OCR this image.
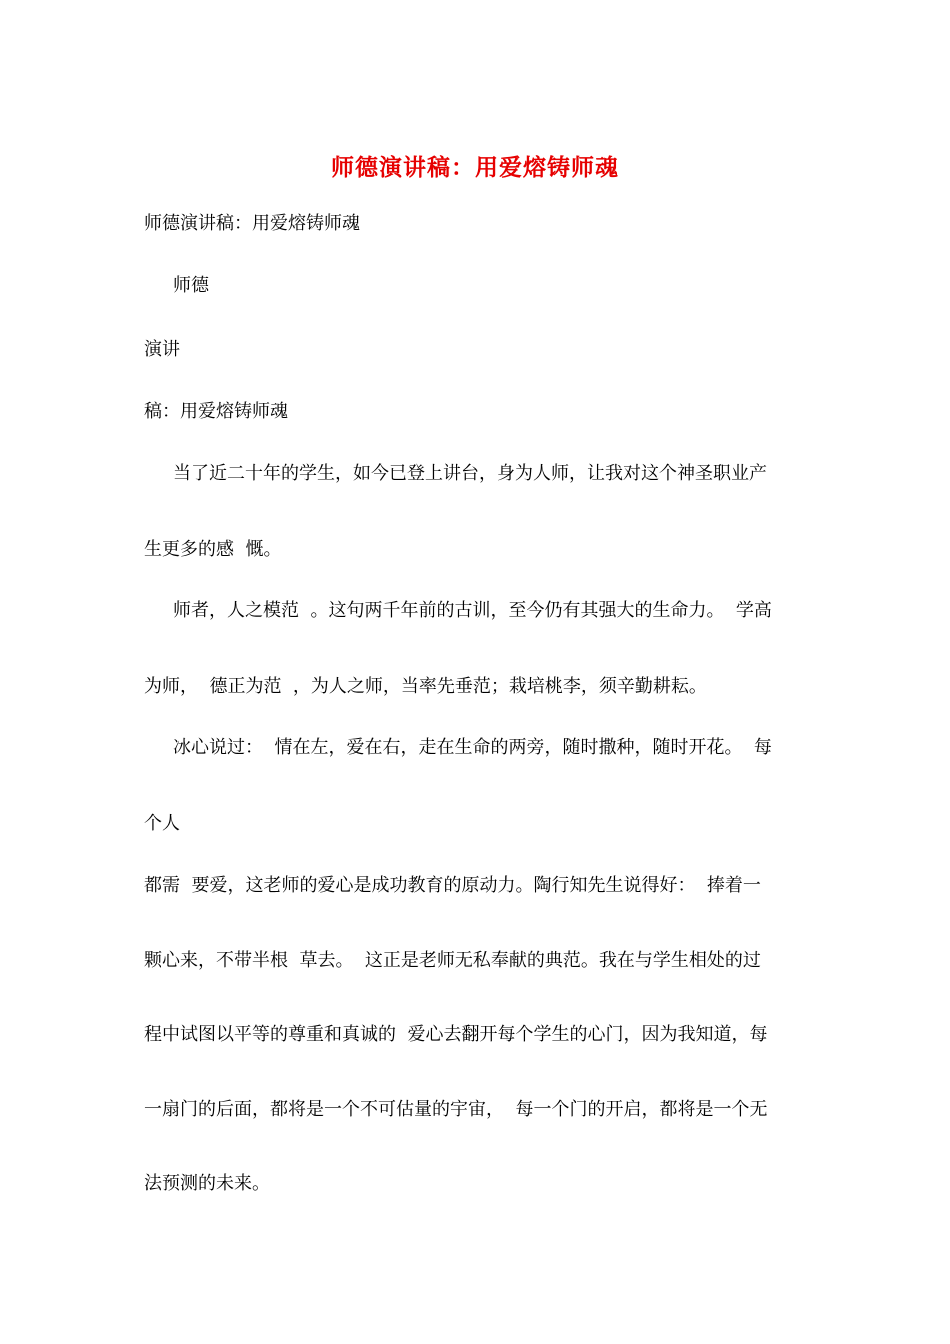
师德演讲稿：用爱熔铸师魂
师德演讲稿：用爱熔铸师魂
师德
演讲
稿：用爱熔铸师魂
当了近二十年的学生，如今已登上讲台，身为人师，让我对这个神圣职业产
生更多的感  慨。
师者，人之模范  。这句两千年前的古训，至今仍有其强大的生命力。  学高
为师，  德正为范  ，为人之师，当率先垂范；栽培桃李，须辛勤耕耘。
冰心说过：  情在左，爱在右，走在生命的两旁，随时撒种，随时开花。  每
个人
都需  要爱，这老师的爱心是成功教育的原动力。陶行知先生说得好：  捧着一
颗心来，不带半根  草去。  这正是老师无私奉献的典范。我在与学生相处的过
程中试图以平等的尊重和真诚的  爱心去翻开每个学生的心门，因为我知道，每
一扇门的后面，都将是一个不可估量的宇宙，  每一个门的开启，都将是一个无
法预测的未来。
